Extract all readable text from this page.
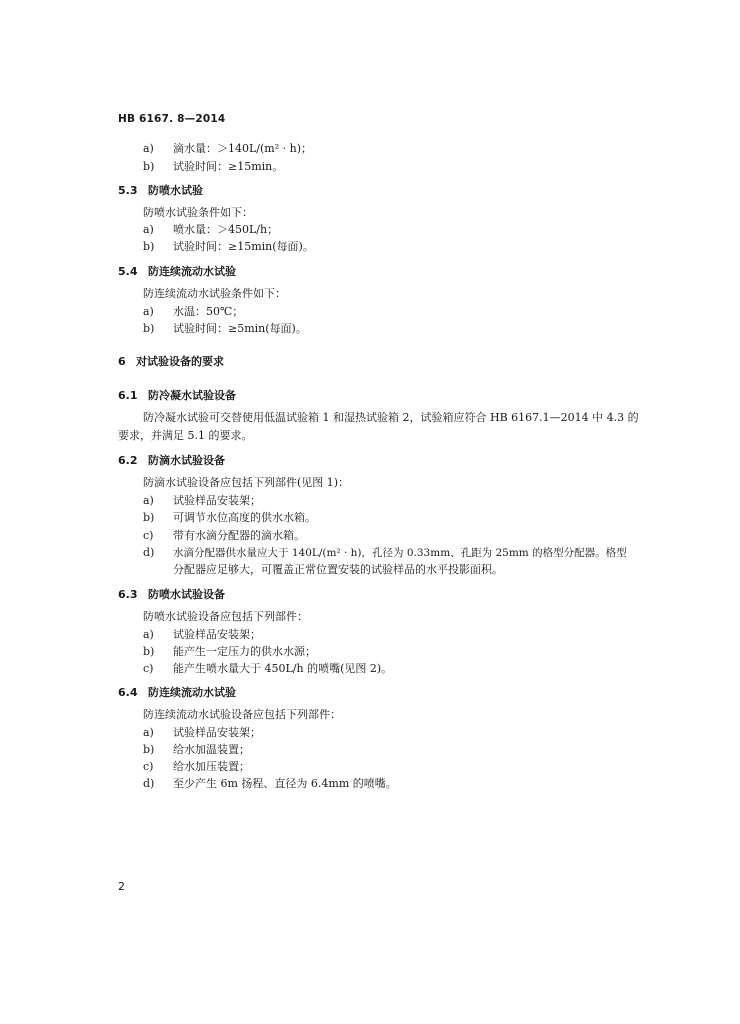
HB 6167. 8—2014
a) 滴水量：＞140L/(m² · h)；
b) 试验时间：≥15min。
5.3 防喷水试验
防喷水试验条件如下：
a) 喷水量：＞450L/h；
b) 试验时间：≥15min(每面)。
5.4 防连续流动水试验
防连续流动水试验条件如下：
a) 水温：50℃；
b) 试验时间：≥5min(每面)。
6 对试验设备的要求
6.1 防冷凝水试验设备
防冷凝水试验可交替使用低温试验箱 1 和湿热试验箱 2，试验箱应符合 HB 6167.1—2014 中 4.3 的
要求，并满足 5.1 的要求。
6.2 防滴水试验设备
防滴水试验设备应包括下列部件(见图 1)：
a) 试验样品安装架；
b) 可调节水位高度的供水水箱。
c) 带有水滴分配器的滴水箱。
d) 水滴分配器供水量应大于 140L/(m² · h)，孔径为 0.33mm、孔距为 25mm 的格型分配器。格型
分配器应足够大，可覆盖正常位置安装的试验样品的水平投影面积。
6.3 防喷水试验设备
防喷水试验设备应包括下列部件：
a) 试验样品安装架；
b) 能产生一定压力的供水水源；
c) 能产生喷水量大于 450L/h 的喷嘴(见图 2)。
6.4 防连续流动水试验
防连续流动水试验设备应包括下列部件：
a) 试验样品安装架；
b) 给水加温装置；
c) 给水加压装置；
d) 至少产生 6m 扬程、直径为 6.4mm 的喷嘴。
2
